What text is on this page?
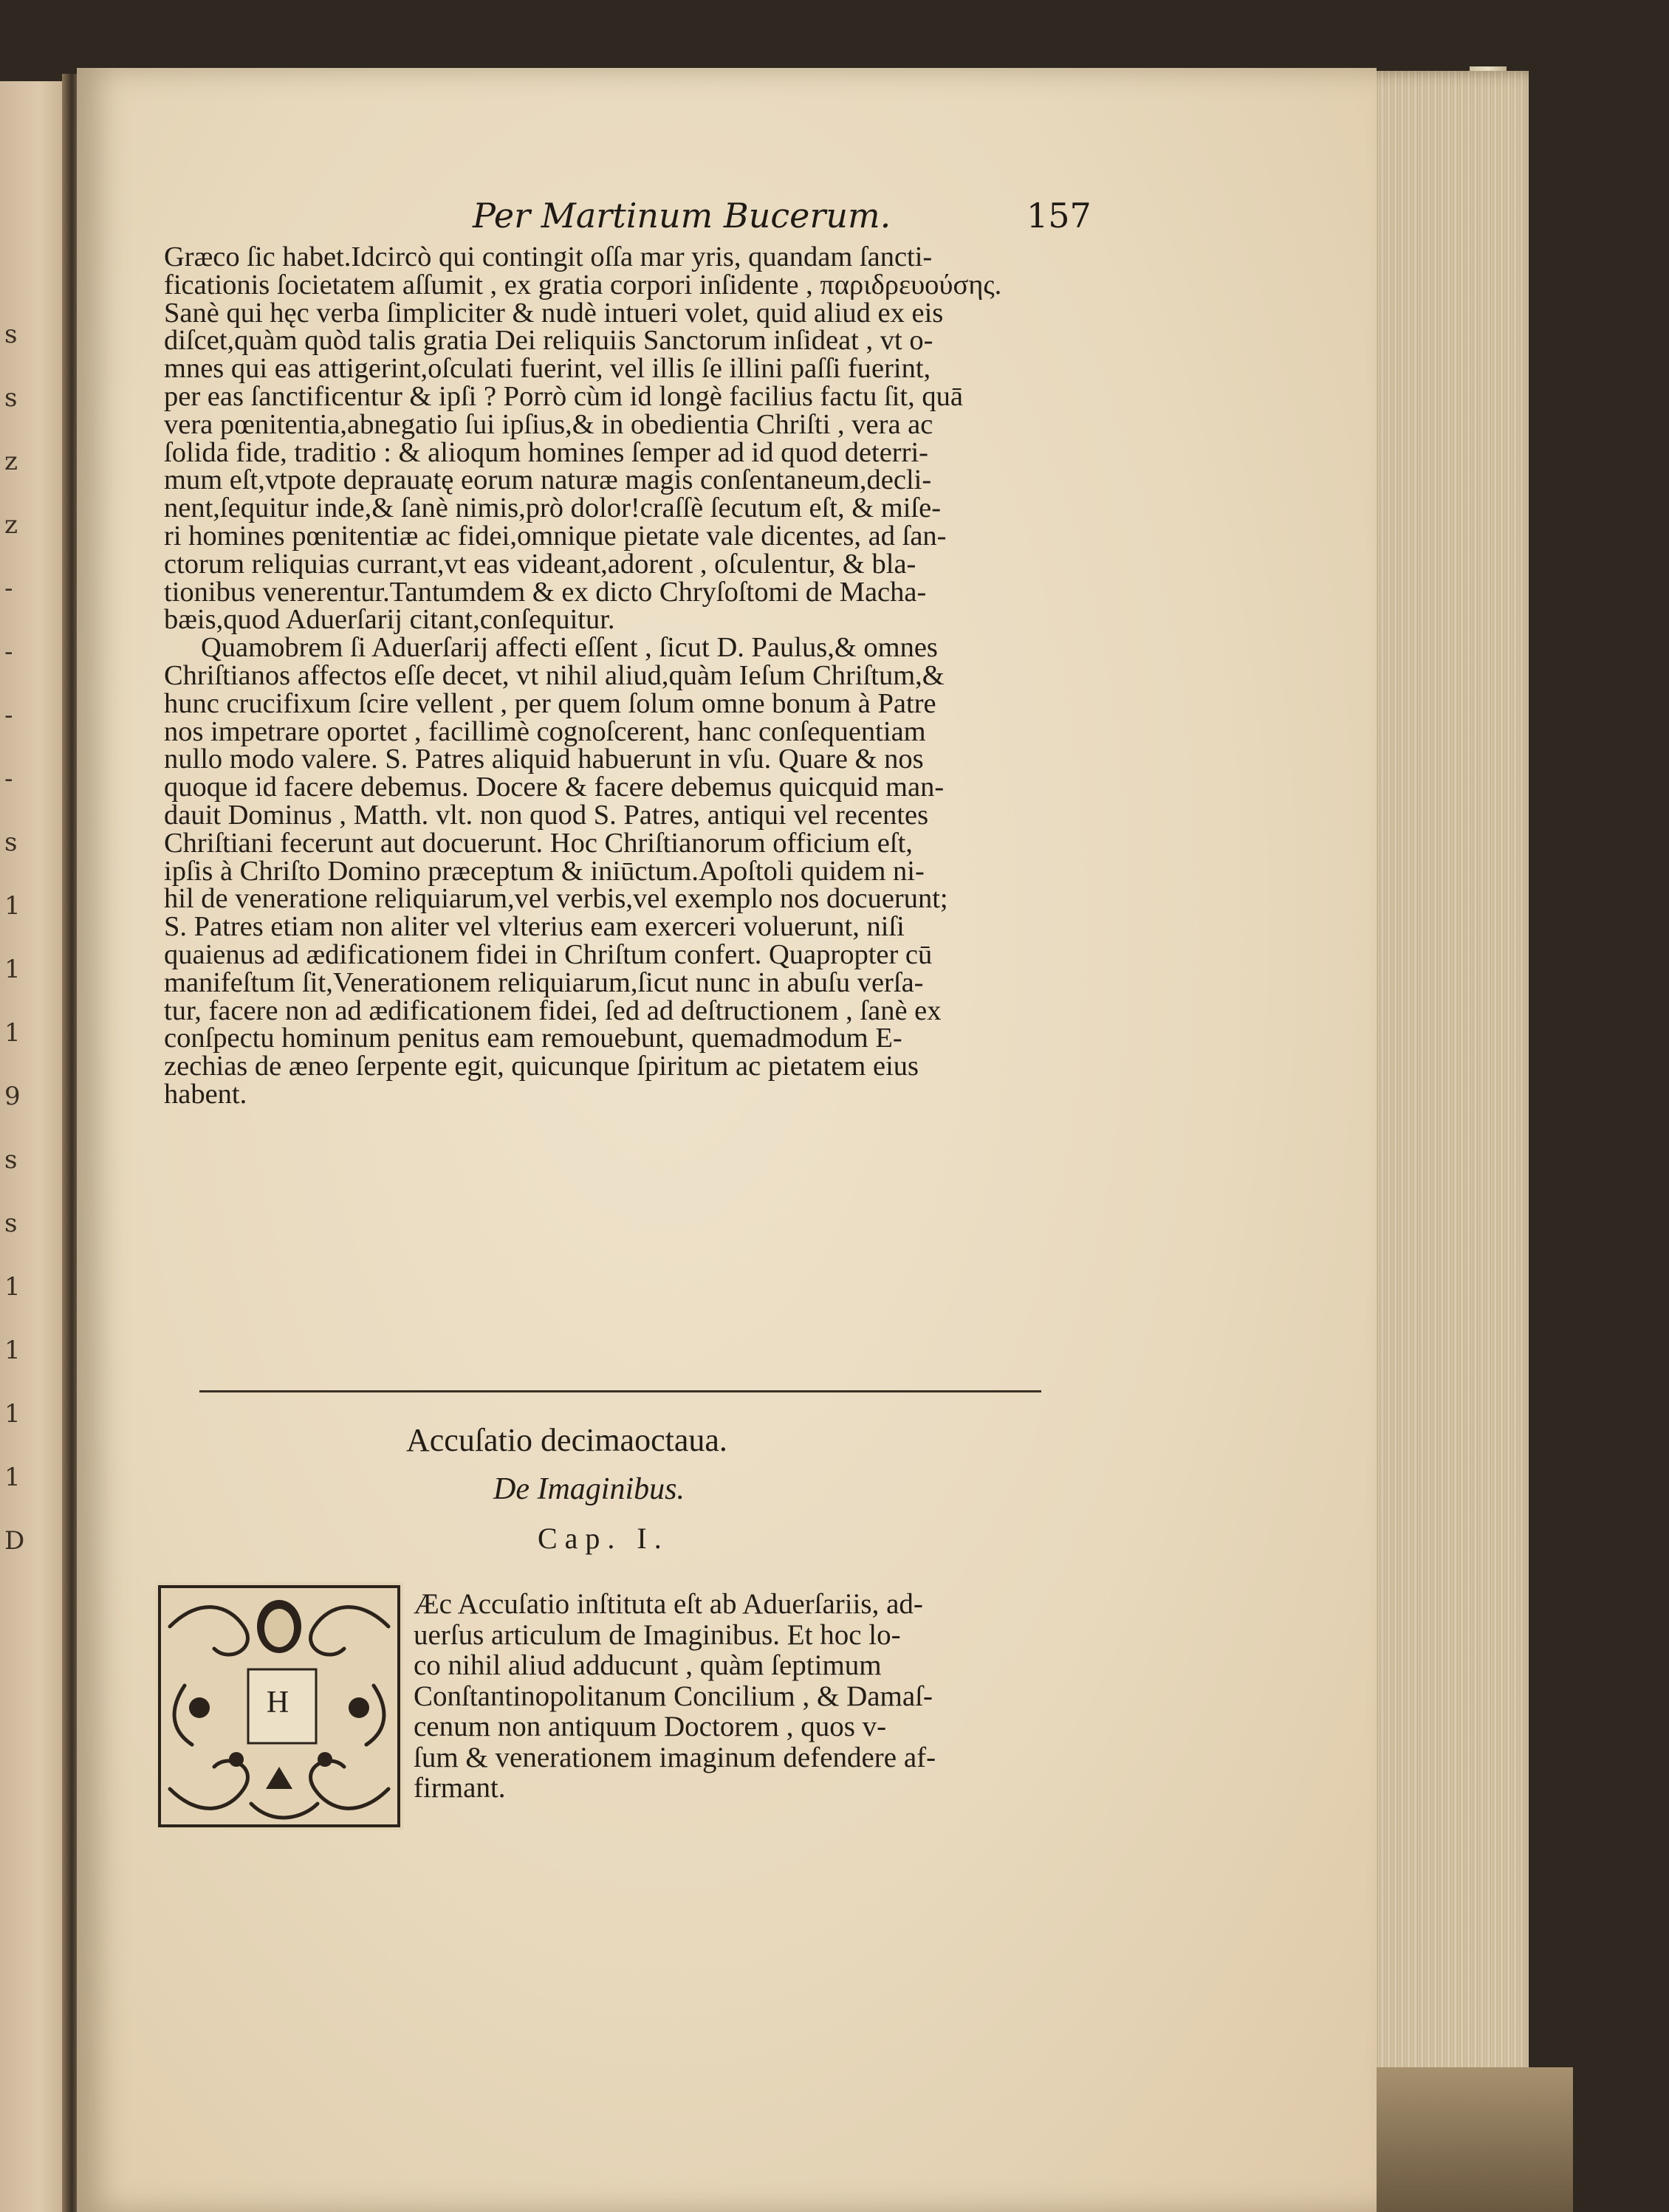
s
s
z
z
-
-
-
-
s
1
1
1
9
s
s
1
1
1
1
D
Per Martinum Bucerum.	157
Græco ſic habet.Idcircò qui contingit oſſa mar yris, quandam ſancti-
ficationis ſocietatem aſſumit , ex gratia corpori inſidente , παριδρευούσης.
Sanè qui hęc verba ſimpliciter & nudè intueri volet, quid aliud ex eis
diſcet,quàm quòd talis gratia Dei reliquiis Sanctorum inſideat , vt o-
mnes qui eas attigerint,oſculati fuerint, vel illis ſe illini paſſi fuerint,
per eas ſanctificentur & ipſi ? Porrò cùm id longè facilius factu ſit, quā
vera pœnitentia,abnegatio ſui ipſius,& in obedientia Chriſti , vera ac
ſolida fide, traditio : & alioqum homines ſemper ad id quod deterri-
mum eſt,vtpote deprauatę eorum naturæ magis conſentaneum,decli-
nent,ſequitur inde,& ſanè nimis,prò dolor!craſſè ſecutum eſt, & miſe-
ri homines pœnitentiæ ac fidei,omnique pietate vale dicentes, ad ſan-
ctorum reliquias currant,vt eas videant,adorent , oſculentur, & bla-
tionibus venerentur.Tantumdem & ex dicto Chryſoſtomi de Macha-
bæis,quod Aduerſarij citant,conſequitur.
Quamobrem ſi Aduerſarij affecti eſſent , ſicut D. Paulus,& omnes
Chriſtianos affectos eſſe decet, vt nihil aliud,quàm Ieſum Chriſtum,&
hunc crucifixum ſcire vellent , per quem ſolum omne bonum à Patre
nos impetrare oportet , facillimè cognoſcerent, hanc conſequentiam
nullo modo valere. S. Patres aliquid habuerunt in vſu. Quare & nos
quoque id facere debemus. Docere & facere debemus quicquid man-
dauit Dominus , Matth. vlt. non quod S. Patres, antiqui vel recentes
Chriſtiani fecerunt aut docuerunt. Hoc Chriſtianorum officium eſt,
ipſis à Chriſto Domino præceptum & iniūctum.Apoſtoli quidem ni-
hil de veneratione reliquiarum,vel verbis,vel exemplo nos docuerunt;
S. Patres etiam non aliter vel vlterius eam exerceri voluerunt, niſi
quaienus ad ædificationem fidei in Chriſtum confert. Quapropter cū
manifeſtum ſit,Venerationem reliquiarum,ſicut nunc in abuſu verſa-
tur, facere non ad ædificationem fidei, ſed ad deſtructionem , ſanè ex
conſpectu hominum penitus eam remouebunt, quemadmodum E-
zechias de æneo ſerpente egit, quicunque ſpiritum ac pietatem eius
habent.
Accuſatio decimaoctaua.
De Imaginibus.
Cap. I.
H
Æc Accuſatio inſtituta eſt ab Aduerſariis, ad-
uerſus articulum de Imaginibus. Et hoc lo-
co nihil aliud adducunt , quàm ſeptimum
Conſtantinopolitanum Concilium , & Damaſ-
cenum non antiquum Doctorem , quos v-
ſum & venerationem imaginum defendere af-
firmant.
